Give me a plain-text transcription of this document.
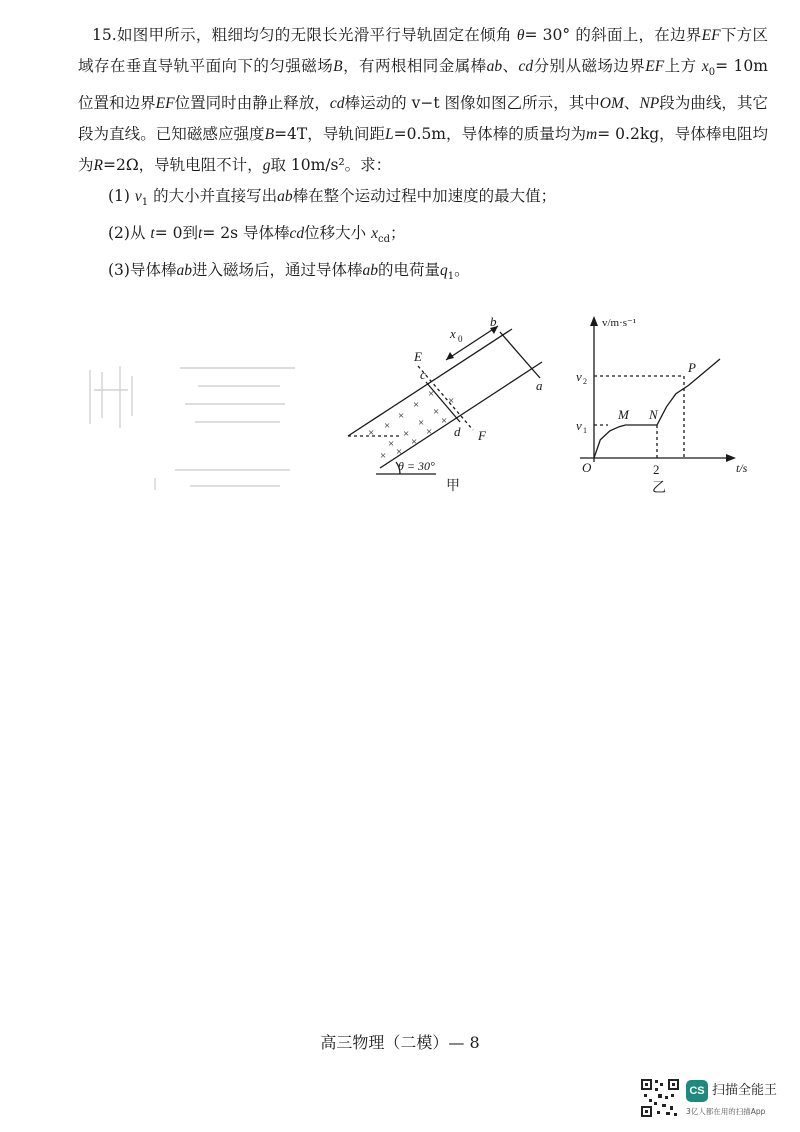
15.如图甲所示，粗细均匀的无限长光滑平行导轨固定在倾角 θ= 30° 的斜面上，在边界EF下方区域存在垂直导轨平面向下的匀强磁场B，有两根相同金属棒ab、cd分别从磁场边界EF上方 $x_0= 10m$ 位置和边界EF位置同时由静止释放，cd棒运动的 v−t 图像如图乙所示，其中OM、NP段为曲线，其它段为直线。已知磁感应强度B=4T，导轨间距L=0.5m，导体棒的质量均为m= 0.2kg，导体棒电阻均为R=2Ω，导轨电阻不计，g取 10m/s²。求：

(1) $v_1$ 的大小并直接写出ab棒在整个运动过程中加速度的最大值；

(2)从 t= 0到t= 2s 导体棒cd位移大小 $x_{cd}$；

(3)导体棒ab进入磁场后，通过导体棒ab的电荷量$q_1$。

×
×
×
×
×
×
×
×
×
×
× ×
×
×
×
E
c
d F
b
a
x 0
θ = 30°
甲
v/m·s⁻¹
t/s
O	2
v 1
v 2
M N
P
乙
高三物理（二模）— 8
CS 扫描全能王
3亿人都在用的扫描App
